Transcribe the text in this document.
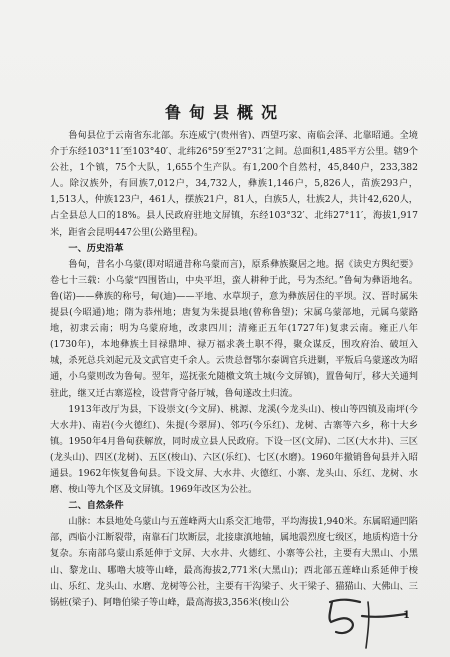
鲁甸县概况

鲁甸县位于云南省东北部。东连威宁(贵州省)、西望巧家、南临会泽、北靠昭通。全境介于东经103°11′至103°40′、北纬26°59′至27°31′之间。总面积1,485平方公里。辖9个公社，1个镇，75个大队，1,655个生产队。有1,200个自然村，45,840户，233,382人。除汉族外，有回族7,012户，34,732人，彝族1,146户，5,826人，苗族293户，1,513人，仲族123户，461人，摆族21户，81人，白族5人，壮族2人，共计42,620人，占全县总人口的18%。县人民政府驻地文屏镇，东经103°32′、北纬27°11′，海拔1,917米，距省会昆明447公里(公路里程)。

一、历史沿革

鲁甸，昔名小乌蒙(即对昭通昔称乌蒙而言)，原系彝族聚居之地。据《读史方舆纪要》卷七十三载：小乌蒙“四围皆山，中央平坦，蛮人耕种于此，号为杰纪。”鲁甸为彝语地名。鲁(诺)——彝族的称号，甸(迪)——平地、水草坝子，意为彝族居住的平坝。汉、晋时属朱提县(今昭通)地；隋为恭州地；唐复为朱提县地(曾称鲁望)；宋属乌蒙部地，元属乌蒙路地，初隶云南；明为乌蒙府地，改隶四川；清雍正五年(1727年)复隶云南。雍正八年(1730年)，本地彝族土目禄鼎坤、禄万福求袭土职不得，聚众谋反，围攻府治、破垣入城，杀死总兵刘起元及文武官吏千余人。云贵总督鄂尔泰调官兵进剿，平叛后乌蒙遂改为昭通，小乌蒙则改为鲁甸。翌年，巡抚张允随檄文筑土城(今文屏镇)，置鲁甸厅，移大关通判驻此，继又迁古寨巡检，设营背守备厅城，鲁甸遂改土归流。

1913年改厅为县，下设崇文(今文屏)、桃源、龙溪(今龙头山)、梭山等四镇及南坪(今大水井)、南岩(今火德红)、朱提(今翠屏)、邻巧(今乐红)、龙树、古寨等六乡，称十大乡镇。1950年4月鲁甸获解放，同时成立县人民政府。下设一区(文屏)、二区(大水井)、三区(龙头山)、四区(龙树)、五区(梭山)、六区(乐红)、七区(水磨)。1960年撤销鲁甸县并入昭通县。1962年恢复鲁甸县。下设文屏、大水井、火德红、小寨、龙头山、乐红、龙树、水磨、梭山等九个区及文屏镇。1969年改区为公社。

二、自然条件

山脉：本县地处乌蒙山与五莲峰两大山系交汇地带，平均海拔1,940米。东属昭通凹陷部，西临小江断裂带，南靠石门坎断层，北接康滇地轴，属地震烈度七级区，地质构造十分复杂。东南部乌蒙山系延伸于文屏、大水井、火德红、小寨等公社，主要有大黑山、小黑山、黎龙山、哪噜大坡等山峰，最高海拔2,771米(大黑山)；西北部五莲峰山系延伸于梭山、乐红、龙头山、水磨、龙树等公社，主要有干沟梁子、火干梁子、猫猫山、大佛山、三锅桩(梁子)、阿噜伯梁子等山峰，最高海拔3,356米(梭山公

1
